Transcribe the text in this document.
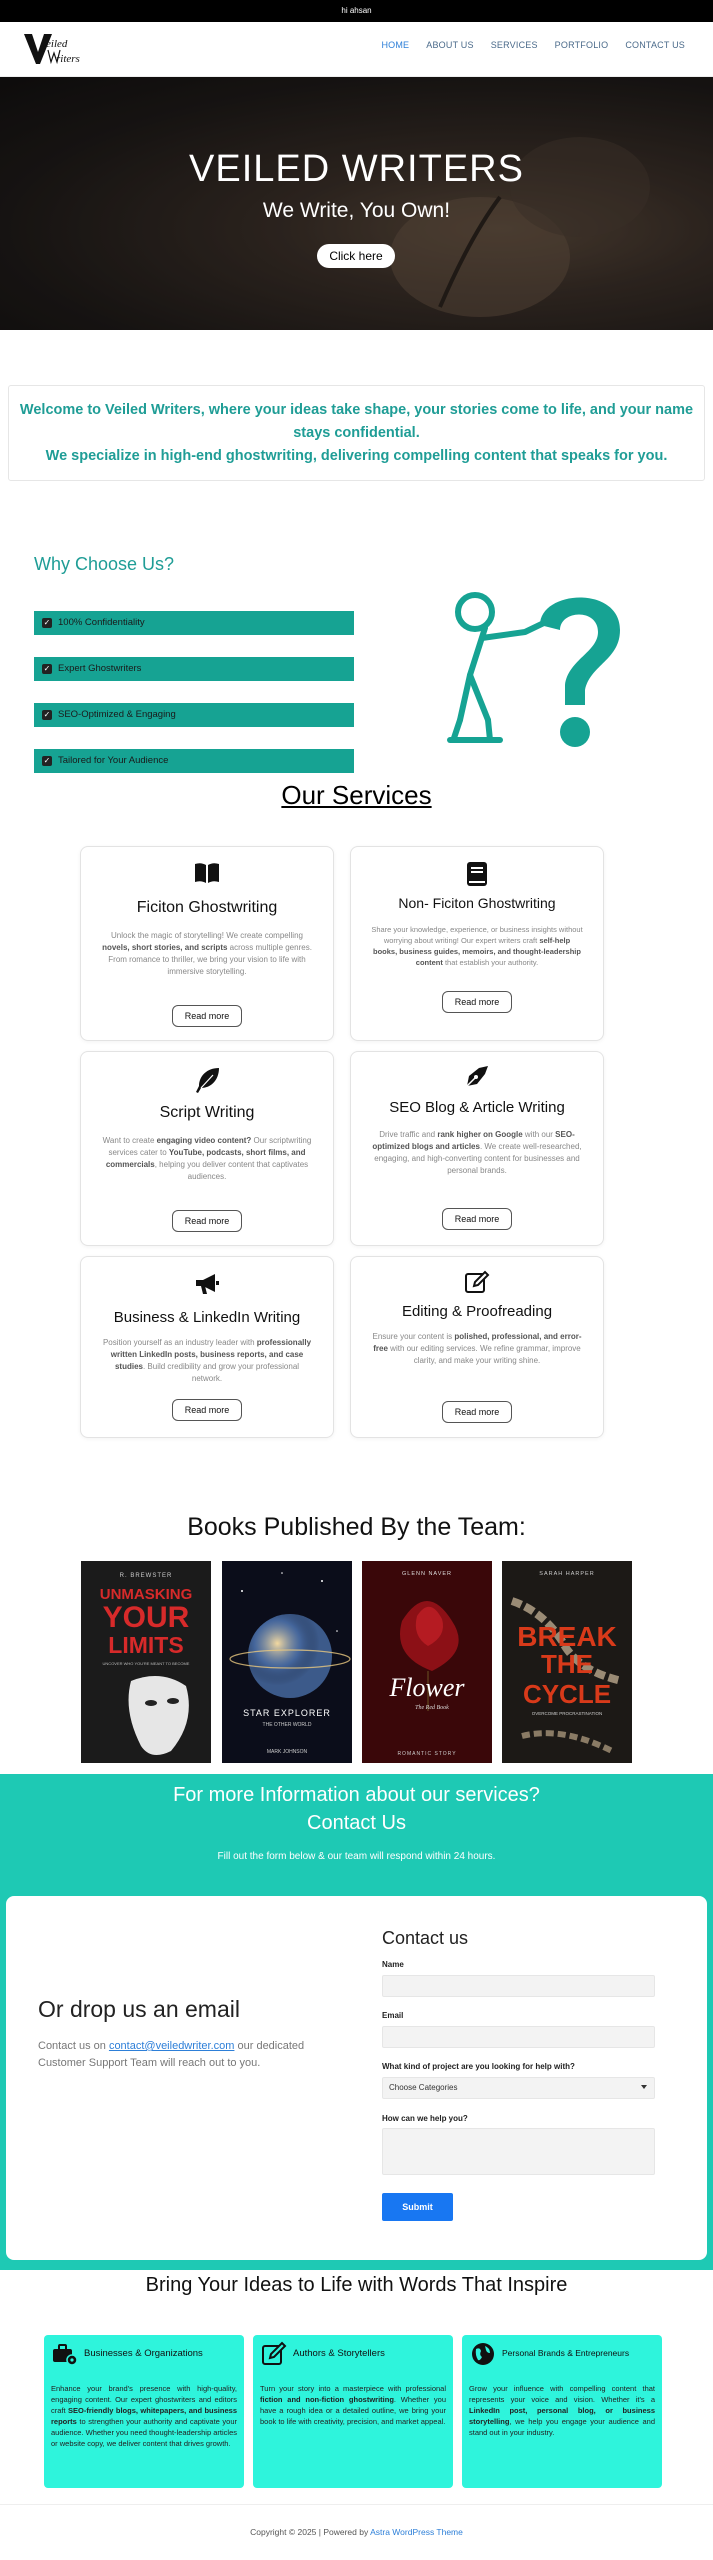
hi ahsan
eiled
riters
HOME ABOUT US SERVICES PORTFOLIO CONTACT US
VEILED WRITERS
We Write, You Own!
Click here
Welcome to Veiled Writers, where your ideas take shape, your stories come to life, and your name stays confidential.
We specialize in high-end ghostwriting, delivering compelling content that speaks for you.
Why Choose Us?
✓ 100% Confidentiality
✓ Expert Ghostwriters
✓ SEO-Optimized & Engaging
✓ Tailored for Your Audience
Our Services
Ficiton Ghostwriting

Unlock the magic of storytelling! We create compelling novels, short stories, and scripts across multiple genres. From romance to thriller, we bring your vision to life with immersive storytelling.

Read more
Non- Ficiton Ghostwriting

Share your knowledge, experience, or business insights without worrying about writing! Our expert writers craft self-help books, business guides, memoirs, and thought-leadership content that establish your authority.

Read more
Script Writing

Want to create engaging video content? Our scriptwriting services cater to YouTube, podcasts, short films, and commercials, helping you deliver content that captivates audiences.

Read more
SEO Blog & Article Writing

Drive traffic and rank higher on Google with our SEO-optimized blogs and articles. We create well-researched, engaging, and high-converting content for businesses and personal brands.

Read more
Business & LinkedIn Writing

Position yourself as an industry leader with professionally written LinkedIn posts, business reports, and case studies. Build credibility and grow your professional network.

Read more
Editing & Proofreading

Ensure your content is polished, professional, and error-free with our editing services. We refine grammar, improve clarity, and make your writing shine.

Read more
Books Published By the Team:
R. BREWSTER
UNMASKING
YOUR
LIMITS
UNCOVER WHO YOU'RE MEANT TO BECOME
STAR EXPLORER
THE OTHER WORLD
MARK JOHNSON
GLENN NAVER
Flower
The Red Book
ROMANTIC STORY
SARAH HARPER
BREAK
THE
CYCLE
OVERCOME PROCRASTINATION
For more Information about our services?
Contact Us
Fill out the form below & our team will respond within 24 hours.
Or drop us an email
Contact us on contact@veiledwriter.com our dedicated Customer Support Team will reach out to you.
Contact us
Name
Email
What kind of project are you looking for help with?
Choose Categories
How can we help you?
Submit
Bring Your Ideas to Life with Words That Inspire
Businesses & Organizations
Enhance your brand's presence with high-quality, engaging content. Our expert ghostwriters and editors craft SEO-friendly blogs, whitepapers, and business reports to strengthen your authority and captivate your audience. Whether you need thought-leadership articles or website copy, we deliver content that drives growth.
Authors & Storytellers
Turn your story into a masterpiece with professional fiction and non-fiction ghostwriting. Whether you have a rough idea or a detailed outline, we bring your book to life with creativity, precision, and market appeal.
Personal Brands & Entrepreneurs
Grow your influence with compelling content that represents your voice and vision. Whether it's a LinkedIn post, personal blog, or business storytelling, we help you engage your audience and stand out in your industry.
Copyright © 2025 | Powered by Astra WordPress Theme
